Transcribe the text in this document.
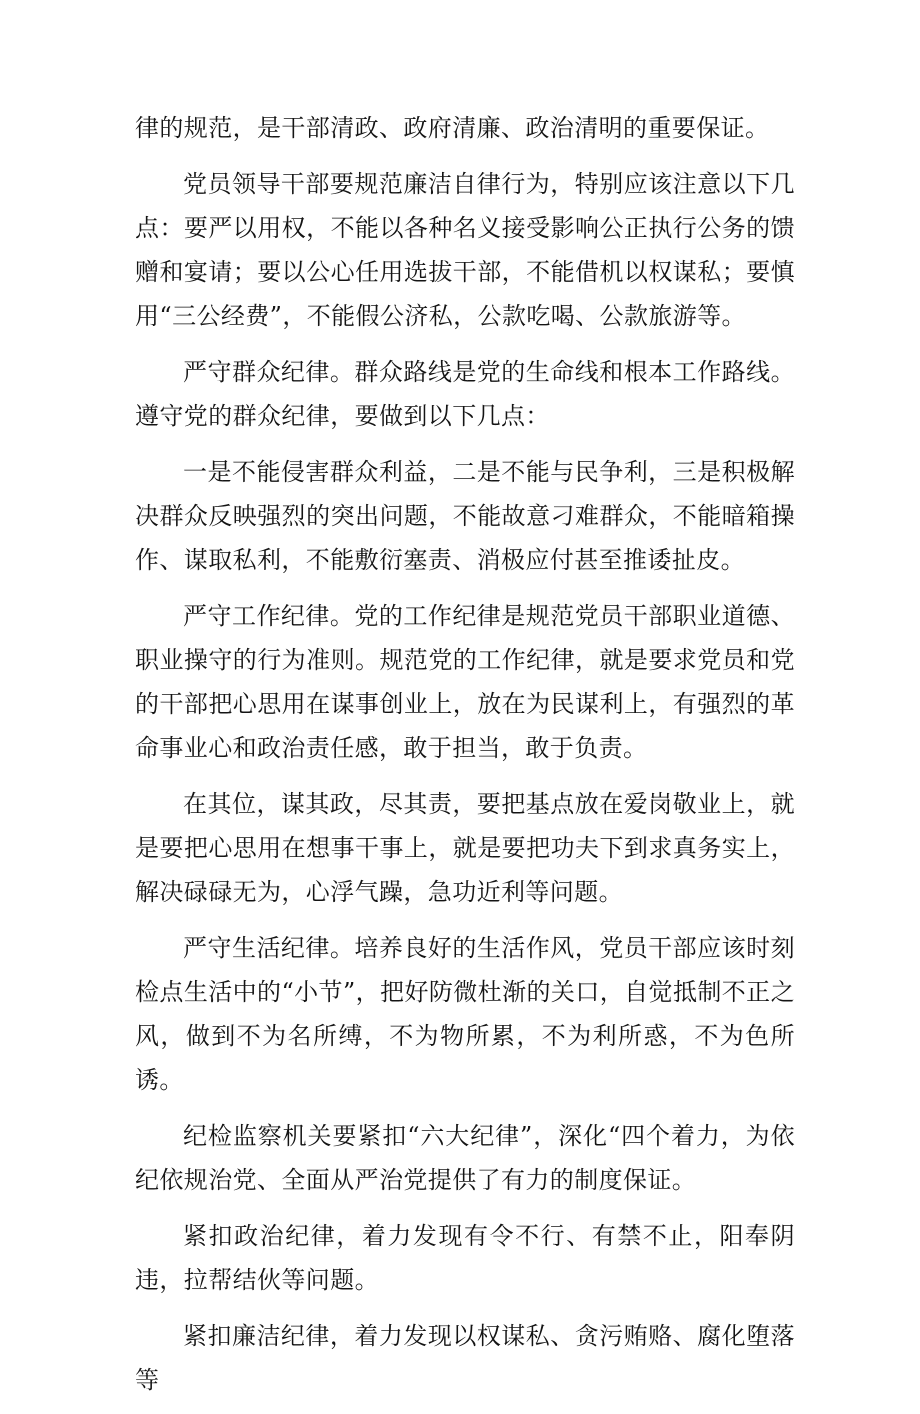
律的规范，是干部清政、政府清廉、政治清明的重要保证。

党员领导干部要规范廉洁自律行为，特别应该注意以下几点：要严以用权，不能以各种名义接受影响公正执行公务的馈赠和宴请；要以公心任用选拔干部，不能借机以权谋私；要慎用“三公经费”，不能假公济私，公款吃喝、公款旅游等。

严守群众纪律。群众路线是党的生命线和根本工作路线。遵守党的群众纪律，要做到以下几点：

一是不能侵害群众利益，二是不能与民争利，三是积极解决群众反映强烈的突出问题，不能故意刁难群众，不能暗箱操作、谋取私利，不能敷衍塞责、消极应付甚至推诿扯皮。

严守工作纪律。党的工作纪律是规范党员干部职业道德、职业操守的行为准则。规范党的工作纪律，就是要求党员和党的干部把心思用在谋事创业上，放在为民谋利上，有强烈的革命事业心和政治责任感，敢于担当，敢于负责。

在其位，谋其政，尽其责，要把基点放在爱岗敬业上，就是要把心思用在想事干事上，就是要把功夫下到求真务实上，解决碌碌无为，心浮气躁，急功近利等问题。

严守生活纪律。培养良好的生活作风，党员干部应该时刻检点生活中的“小节”，把好防微杜渐的关口，自觉抵制不正之风，做到不为名所缚，不为物所累，不为利所惑，不为色所诱。

纪检监察机关要紧扣“六大纪律”，深化“四个着力，为依纪依规治党、全面从严治党提供了有力的制度保证。

紧扣政治纪律，着力发现有令不行、有禁不止，阳奉阴违，拉帮结伙等问题。

紧扣廉洁纪律，着力发现以权谋私、贪污贿赂、腐化堕落等
